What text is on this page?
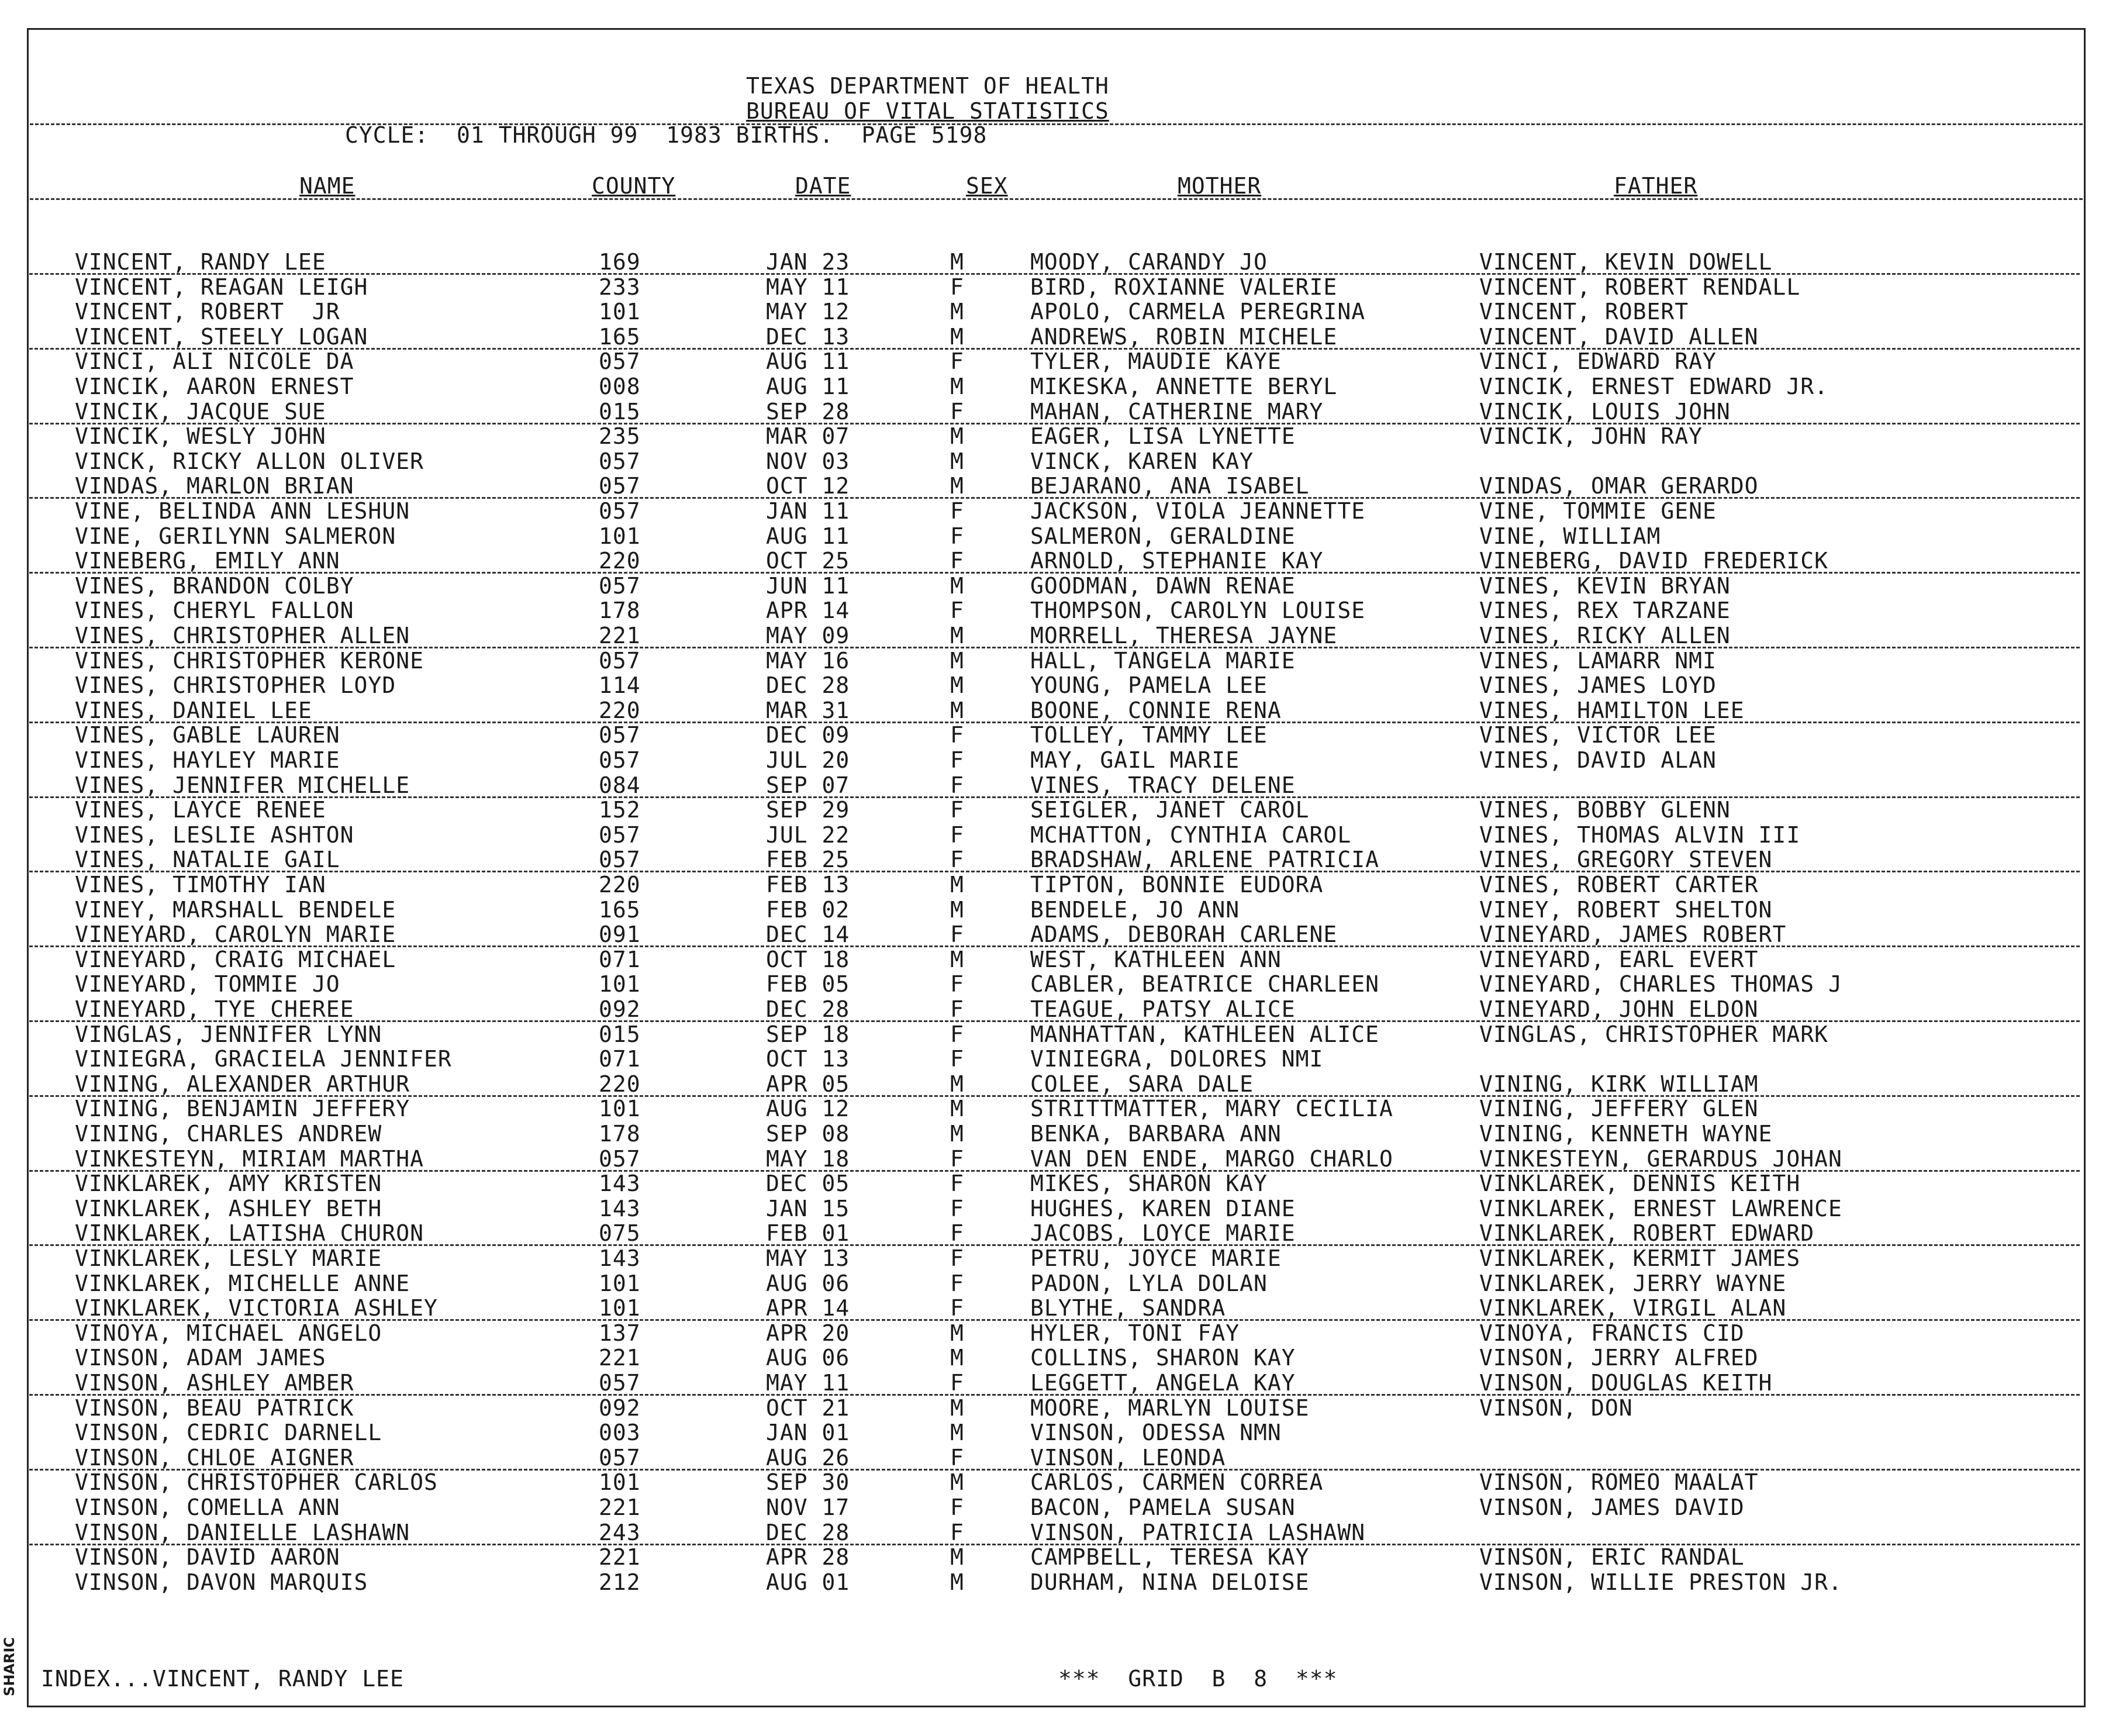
TEXAS DEPARTMENT OF HEALTH
BUREAU OF VITAL STATISTICS
CYCLE:  01 THROUGH 99  1983 BIRTHS.  PAGE 5198
NAME	COUNTY	DATE	SEX	MOTHER	FATHER
VINCENT, RANDY LEE	169	JAN 23	M	MOODY, CARANDY JO	VINCENT, KEVIN DOWELL
VINCENT, REAGAN LEIGH	233	MAY 11	F	BIRD, ROXIANNE VALERIE	VINCENT, ROBERT RENDALL
VINCENT, ROBERT  JR	101	MAY 12	M	APOLO, CARMELA PEREGRINA	VINCENT, ROBERT
VINCENT, STEELY LOGAN	165	DEC 13	M	ANDREWS, ROBIN MICHELE	VINCENT, DAVID ALLEN
VINCI, ALI NICOLE DA	057	AUG 11	F	TYLER, MAUDIE KAYE	VINCI, EDWARD RAY
VINCIK, AARON ERNEST	008	AUG 11	M	MIKESKA, ANNETTE BERYL	VINCIK, ERNEST EDWARD JR.
VINCIK, JACQUE SUE	015	SEP 28	F	MAHAN, CATHERINE MARY	VINCIK, LOUIS JOHN
VINCIK, WESLY JOHN	235	MAR 07	M	EAGER, LISA LYNETTE	VINCIK, JOHN RAY
VINCK, RICKY ALLON OLIVER	057	NOV 03	M	VINCK, KAREN KAY
VINDAS, MARLON BRIAN	057	OCT 12	M	BEJARANO, ANA ISABEL	VINDAS, OMAR GERARDO
VINE, BELINDA ANN LESHUN	057	JAN 11	F	JACKSON, VIOLA JEANNETTE	VINE, TOMMIE GENE
VINE, GERILYNN SALMERON	101	AUG 11	F	SALMERON, GERALDINE	VINE, WILLIAM
VINEBERG, EMILY ANN	220	OCT 25	F	ARNOLD, STEPHANIE KAY	VINEBERG, DAVID FREDERICK
VINES, BRANDON COLBY	057	JUN 11	M	GOODMAN, DAWN RENAE	VINES, KEVIN BRYAN
VINES, CHERYL FALLON	178	APR 14	F	THOMPSON, CAROLYN LOUISE	VINES, REX TARZANE
VINES, CHRISTOPHER ALLEN	221	MAY 09	M	MORRELL, THERESA JAYNE	VINES, RICKY ALLEN
VINES, CHRISTOPHER KERONE	057	MAY 16	M	HALL, TANGELA MARIE	VINES, LAMARR NMI
VINES, CHRISTOPHER LOYD	114	DEC 28	M	YOUNG, PAMELA LEE	VINES, JAMES LOYD
VINES, DANIEL LEE	220	MAR 31	M	BOONE, CONNIE RENA	VINES, HAMILTON LEE
VINES, GABLE LAUREN	057	DEC 09	F	TOLLEY, TAMMY LEE	VINES, VICTOR LEE
VINES, HAYLEY MARIE	057	JUL 20	F	MAY, GAIL MARIE	VINES, DAVID ALAN
VINES, JENNIFER MICHELLE	084	SEP 07	F	VINES, TRACY DELENE
VINES, LAYCE RENEE	152	SEP 29	F	SEIGLER, JANET CAROL	VINES, BOBBY GLENN
VINES, LESLIE ASHTON	057	JUL 22	F	MCHATTON, CYNTHIA CAROL	VINES, THOMAS ALVIN III
VINES, NATALIE GAIL	057	FEB 25	F	BRADSHAW, ARLENE PATRICIA	VINES, GREGORY STEVEN
VINES, TIMOTHY IAN	220	FEB 13	M	TIPTON, BONNIE EUDORA	VINES, ROBERT CARTER
VINEY, MARSHALL BENDELE	165	FEB 02	M	BENDELE, JO ANN	VINEY, ROBERT SHELTON
VINEYARD, CAROLYN MARIE	091	DEC 14	F	ADAMS, DEBORAH CARLENE	VINEYARD, JAMES ROBERT
VINEYARD, CRAIG MICHAEL	071	OCT 18	M	WEST, KATHLEEN ANN	VINEYARD, EARL EVERT
VINEYARD, TOMMIE JO	101	FEB 05	F	CABLER, BEATRICE CHARLEEN	VINEYARD, CHARLES THOMAS J
VINEYARD, TYE CHEREE	092	DEC 28	F	TEAGUE, PATSY ALICE	VINEYARD, JOHN ELDON
VINGLAS, JENNIFER LYNN	015	SEP 18	F	MANHATTAN, KATHLEEN ALICE	VINGLAS, CHRISTOPHER MARK
VINIEGRA, GRACIELA JENNIFER	071	OCT 13	F	VINIEGRA, DOLORES NMI
VINING, ALEXANDER ARTHUR	220	APR 05	M	COLEE, SARA DALE	VINING, KIRK WILLIAM
VINING, BENJAMIN JEFFERY	101	AUG 12	M	STRITTMATTER, MARY CECILIA	VINING, JEFFERY GLEN
VINING, CHARLES ANDREW	178	SEP 08	M	BENKA, BARBARA ANN	VINING, KENNETH WAYNE
VINKESTEYN, MIRIAM MARTHA	057	MAY 18	F	VAN DEN ENDE, MARGO CHARLO	VINKESTEYN, GERARDUS JOHAN
VINKLAREK, AMY KRISTEN	143	DEC 05	F	MIKES, SHARON KAY	VINKLAREK, DENNIS KEITH
VINKLAREK, ASHLEY BETH	143	JAN 15	F	HUGHES, KAREN DIANE	VINKLAREK, ERNEST LAWRENCE
VINKLAREK, LATISHA CHURON	075	FEB 01	F	JACOBS, LOYCE MARIE	VINKLAREK, ROBERT EDWARD
VINKLAREK, LESLY MARIE	143	MAY 13	F	PETRU, JOYCE MARIE	VINKLAREK, KERMIT JAMES
VINKLAREK, MICHELLE ANNE	101	AUG 06	F	PADON, LYLA DOLAN	VINKLAREK, JERRY WAYNE
VINKLAREK, VICTORIA ASHLEY	101	APR 14	F	BLYTHE, SANDRA	VINKLAREK, VIRGIL ALAN
VINOYA, MICHAEL ANGELO	137	APR 20	M	HYLER, TONI FAY	VINOYA, FRANCIS CID
VINSON, ADAM JAMES	221	AUG 06	M	COLLINS, SHARON KAY	VINSON, JERRY ALFRED
VINSON, ASHLEY AMBER	057	MAY 11	F	LEGGETT, ANGELA KAY	VINSON, DOUGLAS KEITH
VINSON, BEAU PATRICK	092	OCT 21	M	MOORE, MARLYN LOUISE	VINSON, DON
VINSON, CEDRIC DARNELL	003	JAN 01	M	VINSON, ODESSA NMN
VINSON, CHLOE AIGNER	057	AUG 26	F	VINSON, LEONDA
VINSON, CHRISTOPHER CARLOS	101	SEP 30	M	CARLOS, CARMEN CORREA	VINSON, ROMEO MAALAT
VINSON, COMELLA ANN	221	NOV 17	F	BACON, PAMELA SUSAN	VINSON, JAMES DAVID
VINSON, DANIELLE LASHAWN	243	DEC 28	F	VINSON, PATRICIA LASHAWN
VINSON, DAVID AARON	221	APR 28	M	CAMPBELL, TERESA KAY	VINSON, ERIC RANDAL
VINSON, DAVON MARQUIS	212	AUG 01	M	DURHAM, NINA DELOISE	VINSON, WILLIE PRESTON JR.
INDEX...VINCENT, RANDY LEE	***  GRID  B  8  ***
SHARIC
